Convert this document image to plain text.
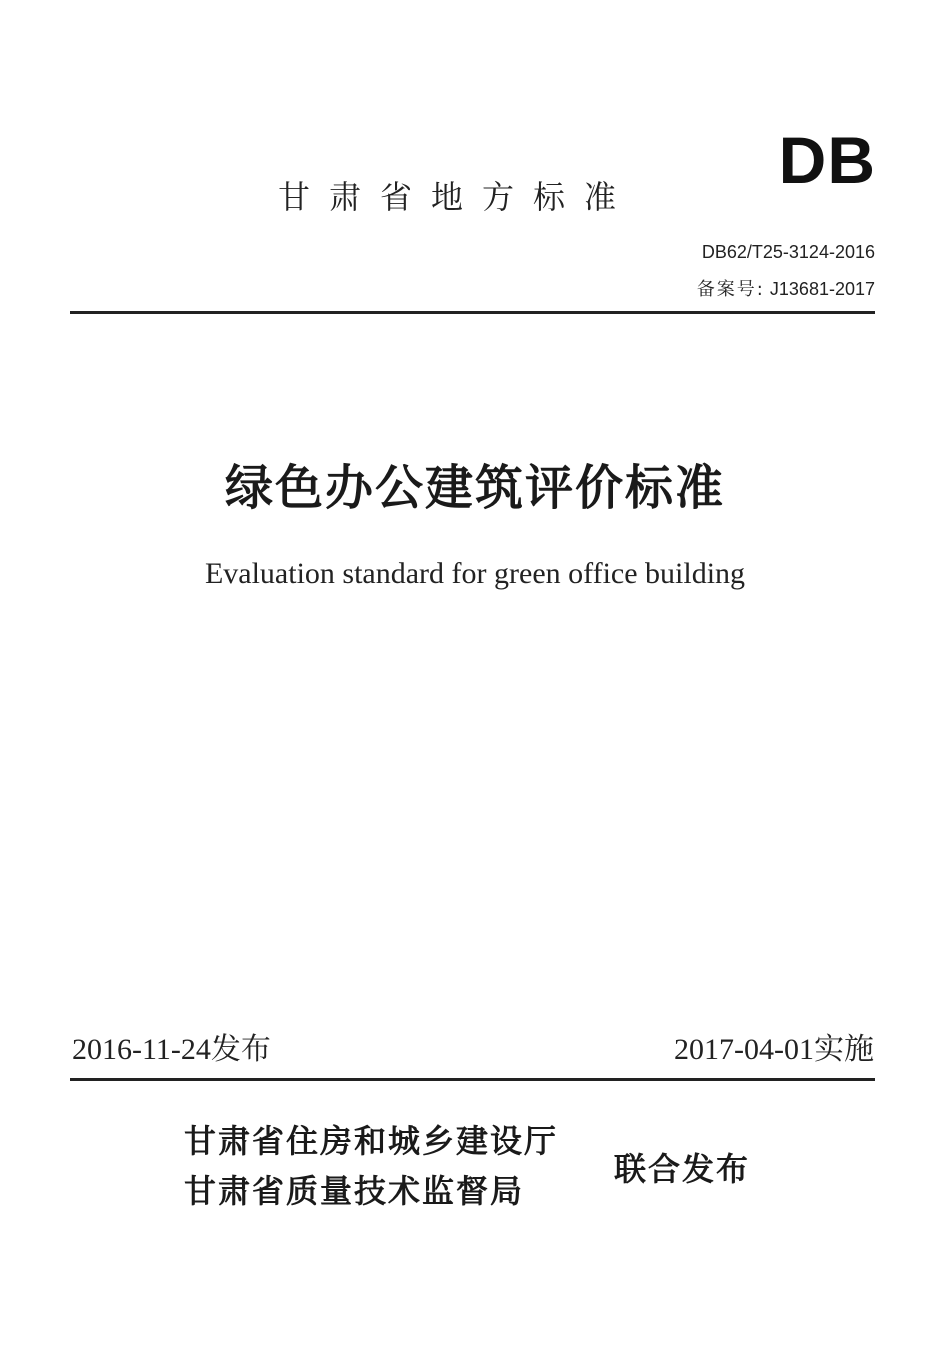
DB
甘肃省地方标准
DB62/T25-3124-2016
备案号: J13681-2017
绿色办公建筑评价标准
Evaluation standard for green office building
2016-11-24发布	2017-04-01实施
甘肃省住房和城乡建设厅
甘肃省质量技术监督局
联合发布
